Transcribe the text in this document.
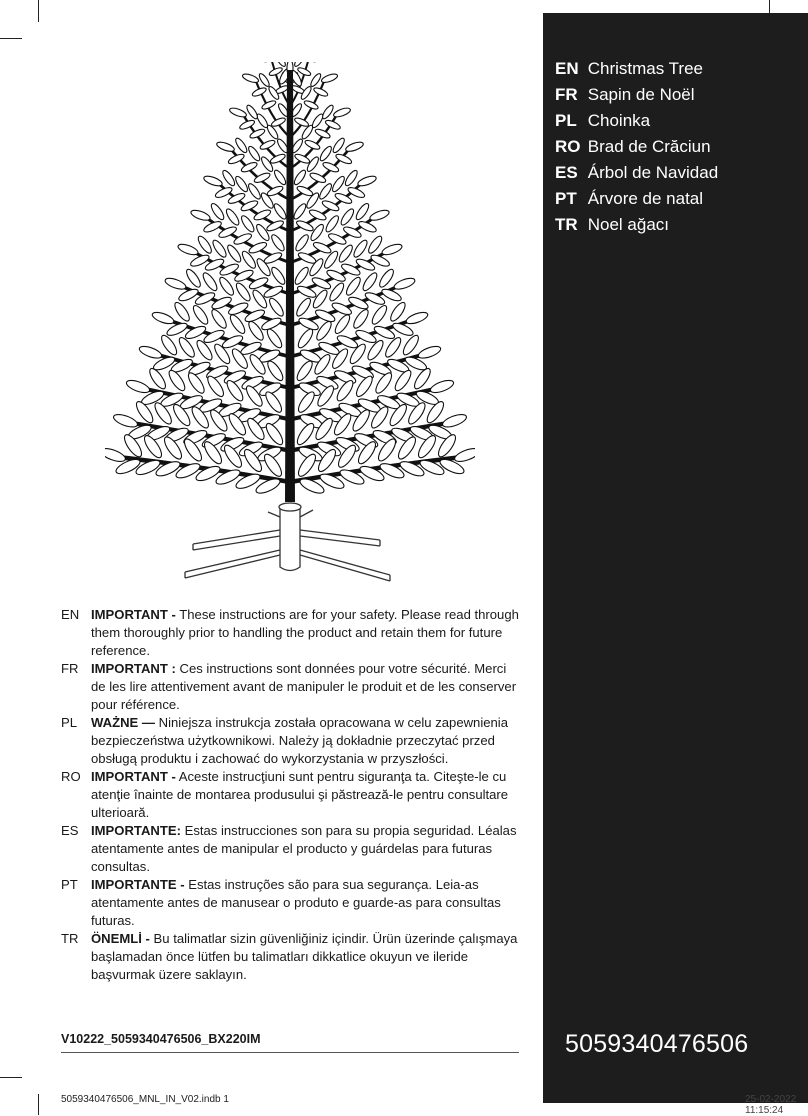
EN Christmas Tree
FR Sapin de Noël
PL Choinka
RO Brad de Crăciun
ES Árbol de Navidad
PT Árvore de natal
TR Noel ağacı
5059340476506
EN IMPORTANT - These instructions are for your safety. Please read through them thoroughly prior to handling the product and retain them for future reference.
FR IMPORTANT : Ces instructions sont données pour votre sécurité. Merci de les lire attentivement avant de manipuler le produit et de les conserver pour référence.
PL	WAŻNE — Niniejsza instrukcja została opracowana w celu zapewnienia bezpieczeństwa użytkownikowi. Należy ją dokładnie przeczytać przed obsługą produktu i zachować do wykorzystania w przyszłości.
RO IMPORTANT - Aceste instrucţiuni sunt pentru siguranţa ta. Citeşte-le cu atenţie înainte de montarea produsului şi păstrează-le pentru consultare ulterioară.
ES IMPORTANTE: Estas instrucciones son para su propia seguridad. Léalas atentamente antes de manipular el producto y guárdelas para futuras consultas.
PT	IMPORTANTE - Estas instruções são para sua segurança. Leia-as atentamente antes de manusear o produto e guarde-as para consultas futuras.
TR ÖNEMLİ - Bu talimatlar sizin güvenliğiniz içindir. Ürün üzerinde çalışmaya başlamadan önce lütfen bu talimatları dikkatlice okuyun ve ileride başvurmak üzere saklayın.
V10222_5059340476506_BX220IM
5059340476506_MNL_IN_V02.indb 1	25-02-2022 11:15:24
